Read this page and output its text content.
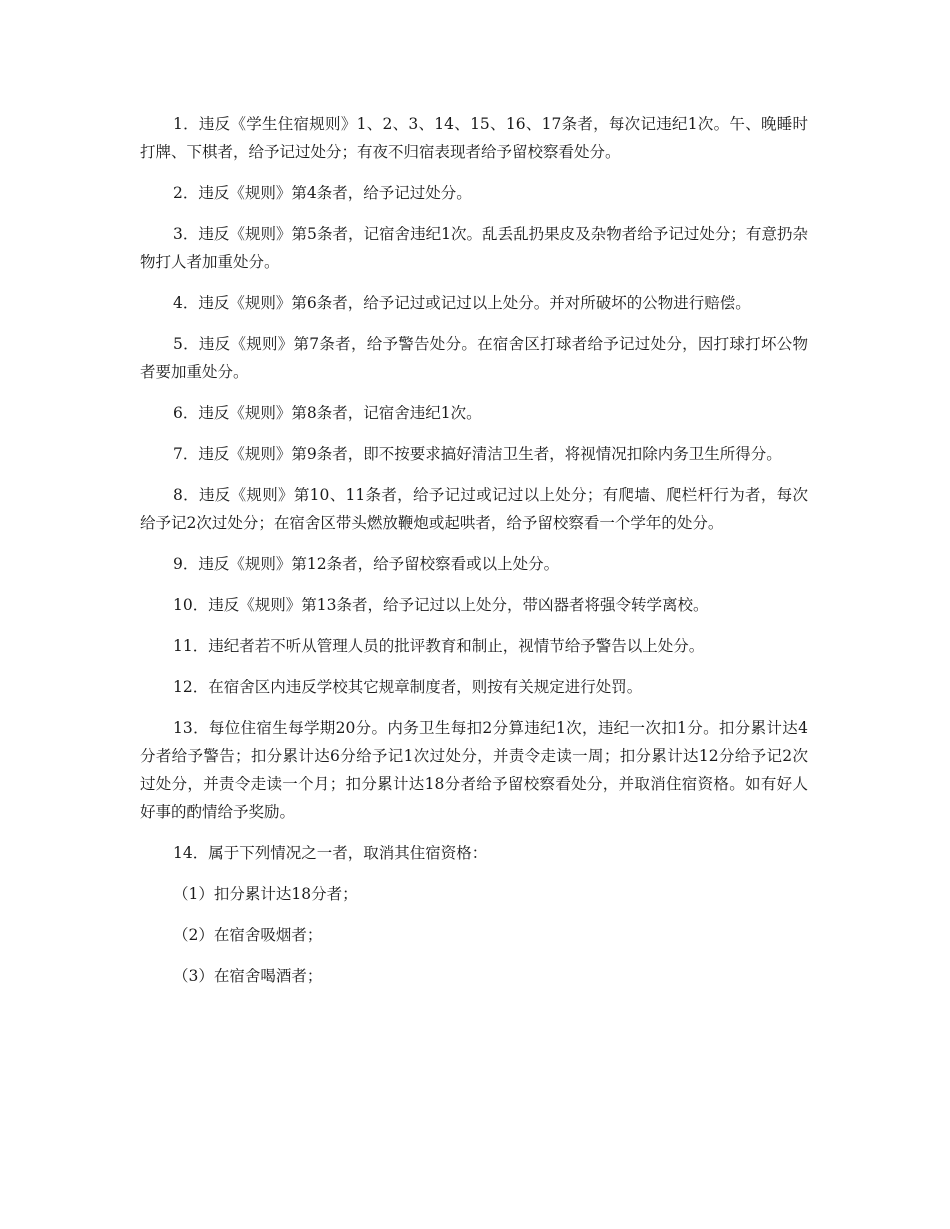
1．违反《学生住宿规则》1、2、3、14、15、16、17条者，每次记违纪1次。午、晚睡时打牌、下棋者，给予记过处分；有夜不归宿表现者给予留校察看处分。

2．违反《规则》第4条者，给予记过处分。

3．违反《规则》第5条者，记宿舍违纪1次。乱丢乱扔果皮及杂物者给予记过处分；有意扔杂物打人者加重处分。

4．违反《规则》第6条者，给予记过或记过以上处分。并对所破坏的公物进行赔偿。

5．违反《规则》第7条者，给予警告处分。在宿舍区打球者给予记过处分，因打球打坏公物者要加重处分。

6．违反《规则》第8条者，记宿舍违纪1次。

7．违反《规则》第9条者，即不按要求搞好清洁卫生者，将视情况扣除内务卫生所得分。

8．违反《规则》第10、11条者，给予记过或记过以上处分；有爬墙、爬栏杆行为者，每次给予记2次过处分；在宿舍区带头燃放鞭炮或起哄者，给予留校察看一个学年的处分。

9．违反《规则》第12条者，给予留校察看或以上处分。

10．违反《规则》第13条者，给予记过以上处分，带凶器者将强令转学离校。

11．违纪者若不听从管理人员的批评教育和制止，视情节给予警告以上处分。

12．在宿舍区内违反学校其它规章制度者，则按有关规定进行处罚。

13．每位住宿生每学期20分。内务卫生每扣2分算违纪1次，违纪一次扣1分。扣分累计达4分者给予警告；扣分累计达6分给予记1次过处分，并责令走读一周；扣分累计达12分给予记2次过处分，并责令走读一个月；扣分累计达18分者给予留校察看处分，并取消住宿资格。如有好人好事的酌情给予奖励。

14．属于下列情况之一者，取消其住宿资格：

（1）扣分累计达18分者；

（2）在宿舍吸烟者；

（3）在宿舍喝酒者；
